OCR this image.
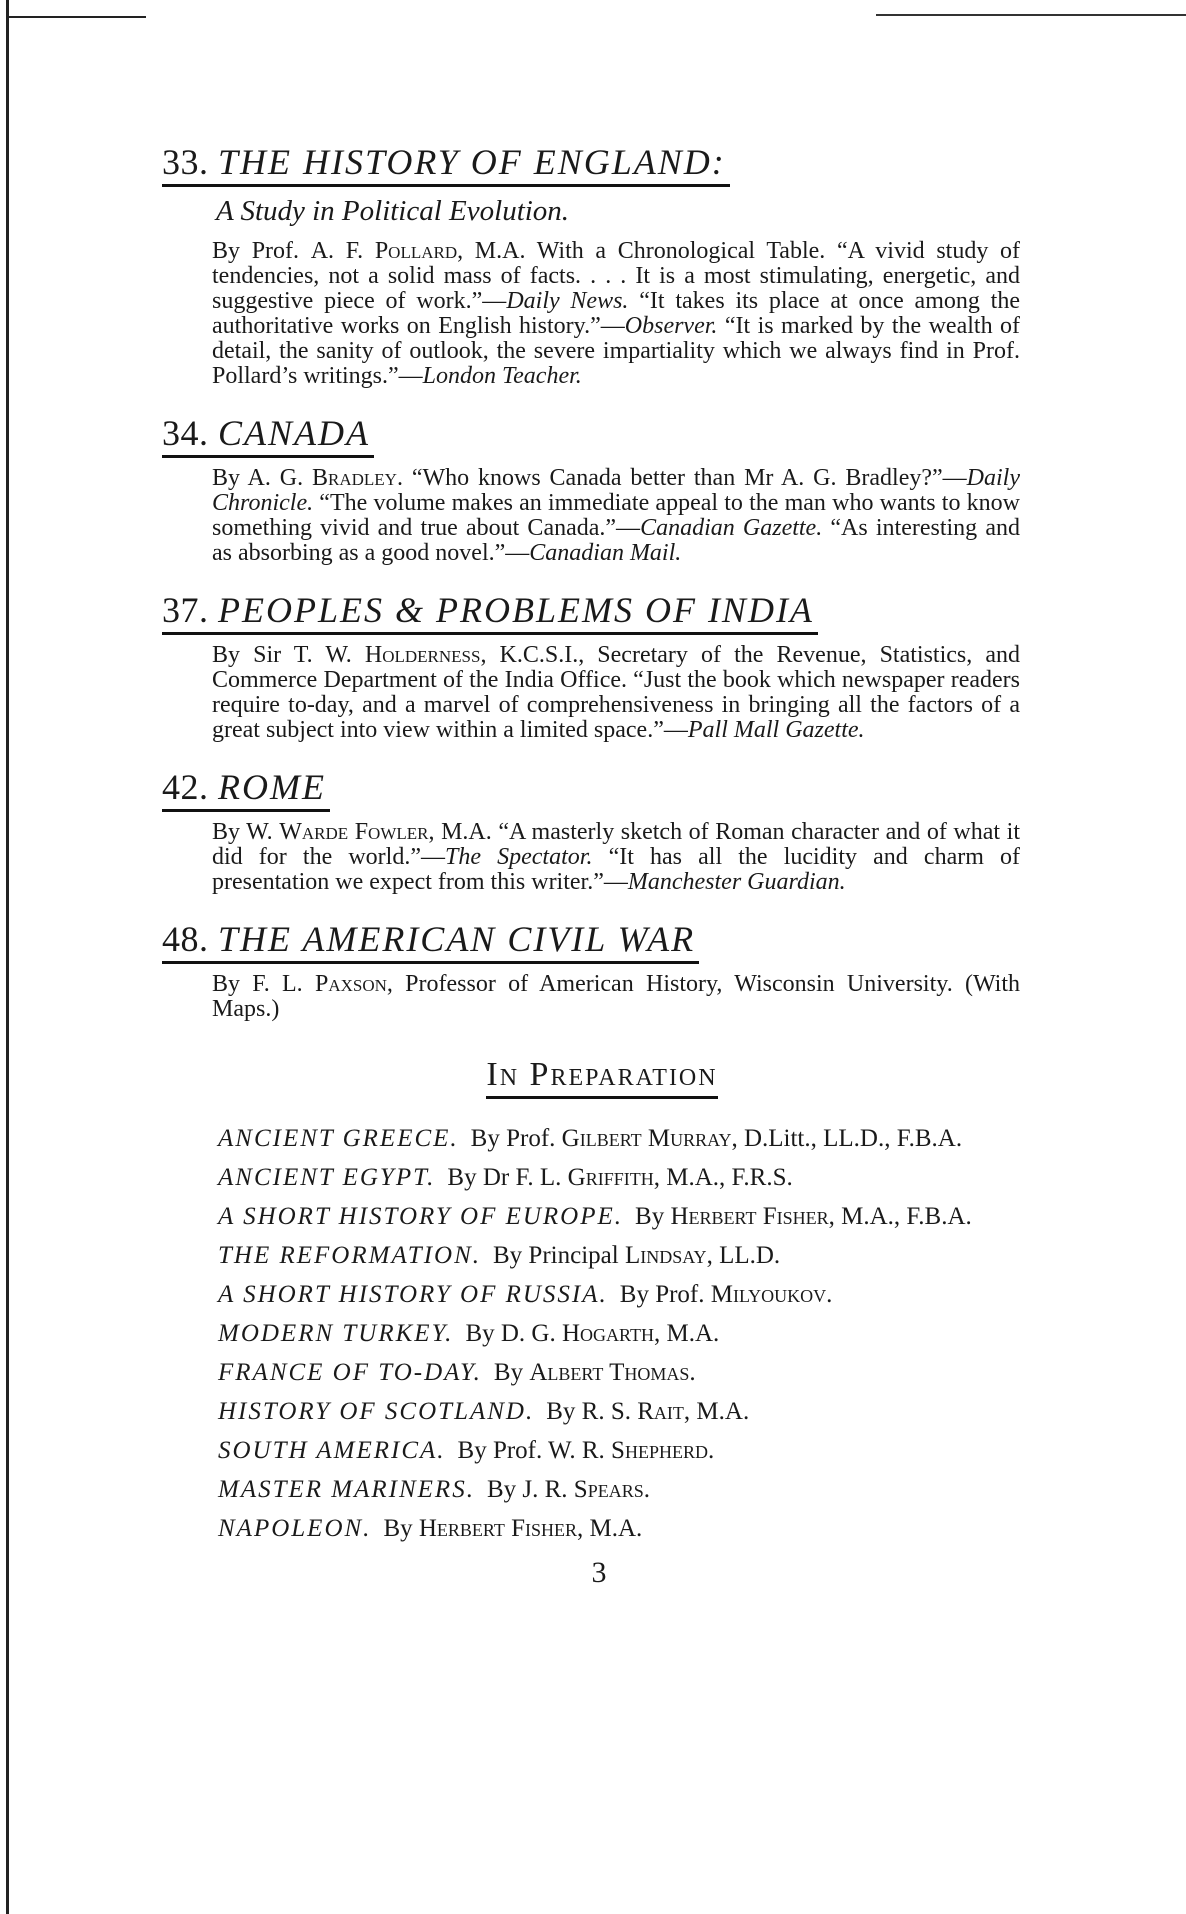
33. THE HISTORY OF ENGLAND:
A Study in Political Evolution.
By Prof. A. F. Pollard, M.A. With a Chronological Table. “A vivid study of tendencies, not a solid mass of facts. . . . It is a most stimulating, energetic, and suggestive piece of work.”—Daily News. “It takes its place at once among the authoritative works on English history.”—Observer. “It is marked by the wealth of detail, the sanity of outlook, the severe impartiality which we always find in Prof. Pollard’s writings.”—London Teacher.
34. CANADA
By A. G. Bradley. “Who knows Canada better than Mr A. G. Bradley?”—Daily Chronicle. “The volume makes an immediate appeal to the man who wants to know something vivid and true about Canada.”—Canadian Gazette. “As interesting and as absorbing as a good novel.”—Canadian Mail.
37. PEOPLES & PROBLEMS OF INDIA
By Sir T. W. Holderness, K.C.S.I., Secretary of the Revenue, Statistics, and Commerce Department of the India Office. “Just the book which newspaper readers require to-day, and a marvel of comprehensiveness in bringing all the factors of a great subject into view within a limited space.”—Pall Mall Gazette.
42. ROME
By W. Warde Fowler, M.A. “A masterly sketch of Roman character and of what it did for the world.”—The Spectator. “It has all the lucidity and charm of presentation we expect from this writer.”—Manchester Guardian.
48. THE AMERICAN CIVIL WAR
By F. L. Paxson, Professor of American History, Wisconsin University. (With Maps.)
In Preparation
ANCIENT GREECE. By Prof. Gilbert Murray, D.Litt., LL.D., F.B.A.
ANCIENT EGYPT. By Dr F. L. Griffith, M.A., F.R.S.
A SHORT HISTORY OF EUROPE. By Herbert Fisher, M.A., F.B.A.
THE REFORMATION. By Principal Lindsay, LL.D.
A SHORT HISTORY OF RUSSIA. By Prof. Milyoukov.
MODERN TURKEY. By D. G. Hogarth, M.A.
FRANCE OF TO-DAY. By Albert Thomas.
HISTORY OF SCOTLAND. By R. S. Rait, M.A.
SOUTH AMERICA. By Prof. W. R. Shepherd.
MASTER MARINERS. By J. R. Spears.
NAPOLEON. By Herbert Fisher, M.A.
3
